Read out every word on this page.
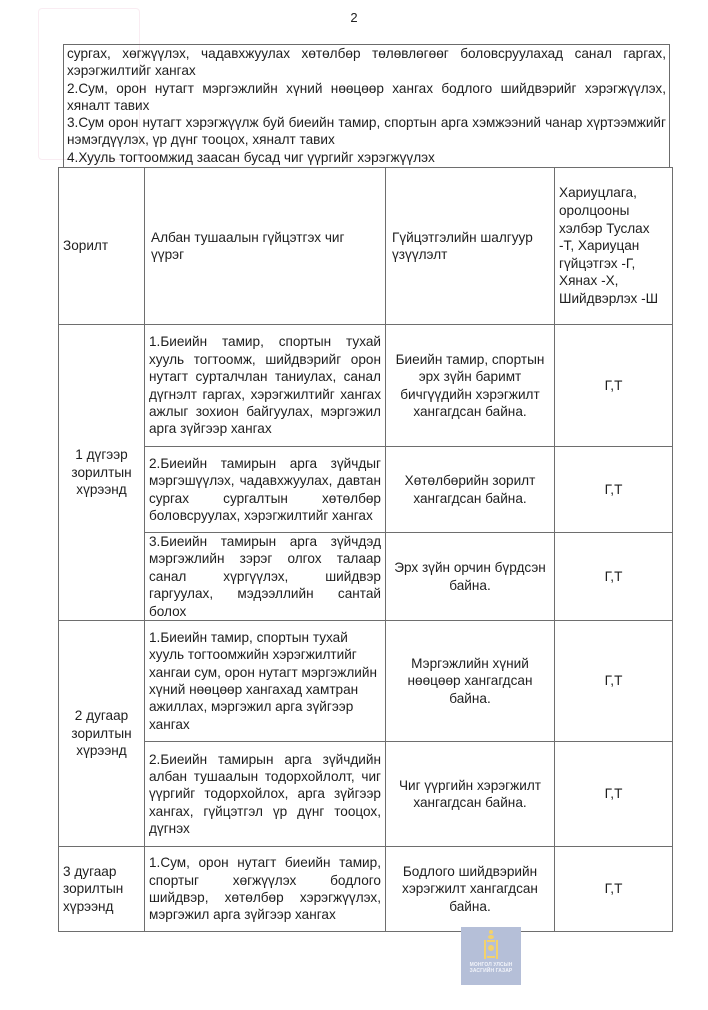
2

сургах, хөгжүүлэх, чадавхжуулах хөтөлбөр төлөвлөгөөг боловсруулахад санал гаргах, хэрэгжилтийг хангах

2.Сум, орон нутагт мэргэжлийн хүний нөөцөөр хангах бодлого шийдвэрийг хэрэгжүүлэх, хяналт тавих

3.Сум орон нутагт хэрэгжүүлж буй биеийн тамир, спортын арга хэмжээний чанар хүртээмжийг нэмэгдүүлэх, үр дүнг тооцох, хяналт тавих

4.Хууль тогтоомжид заасан бусад чиг үүргийг хэрэгжүүлэх

Зорилт	Албан тушаалын гүйцэтгэх чиг үүрэг	Гүйцэтгэлийн шалгуур үзүүлэлт	Хариуцлага, оролцооны хэлбэр Туслах -Т, Хариуцан гүйцэтгэх -Г, Хянах -Х, Шийдвэрлэх -Ш
1 дүгээр зорилтын хүрээнд	1.Биеийн тамир, спортын тухай хууль тогтоомж, шийдвэрийг орон нутагт сурталчлан таниулах, санал дүгнэлт гаргах, хэрэгжилтийг хангах ажлыг зохион байгуулах, мэргэжил арга зүйгээр хангах	Биеийн тамир, спортын эрх зүйн баримт бичгүүдийн хэрэгжилт хангагдсан байна.	Г,Т
	2.Биеийн тамирын арга зүйчдыг мэргэшүүлэх, чадавхжуулах, давтан сургах сургалтын хөтөлбөр боловсруулах, хэрэгжилтийг хангах	Хөтөлбөрийн зорилт хангагдсан байна.	Г,Т
	3.Биеийн тамирын арга зүйчдэд мэргэжлийн зэрэг олгох талаар санал хүргүүлэх, шийдвэр гаргуулах, мэдээллийн сантай болох	Эрх зүйн орчин бүрдсэн байна.	Г,Т
2 дугаар зорилтын хүрээнд	1.Биеийн тамир, спортын тухай хууль тогтоомжийн хэрэгжилтийг хангаи сум, орон нутагт мэргэжлийн хүний нөөцөөр хангахад хамтран ажиллах, мэргэжил арга зүйгээр хангах	Мэргэжлийн хүний нөөцөөр хангагдсан байна.	Г,Т
	2.Биеийн тамирын арга зүйчдийн албан тушаалын тодорхойлолт, чиг үүргийг тодорхойлох, арга зүйгээр хангах, гүйцэтгэл үр дүнг тооцох, дүгнэх	Чиг үүргийн хэрэгжилт хангагдсан байна.	Г,Т
3 дугаар зорилтын хүрээнд	1.Сум, орон нутагт биеийн тамир, спортыг хөгжүүлэх бодлого шийдвэр, хөтөлбөр хэрэгжүүлэх, мэргэжил арга зүйгээр хангах	Бодлого шийдвэрийн хэрэгжилт хангагдсан байна.	Г,Т
МОНГОЛ УЛСЫН
ЗАСГИЙН ГАЗАР
